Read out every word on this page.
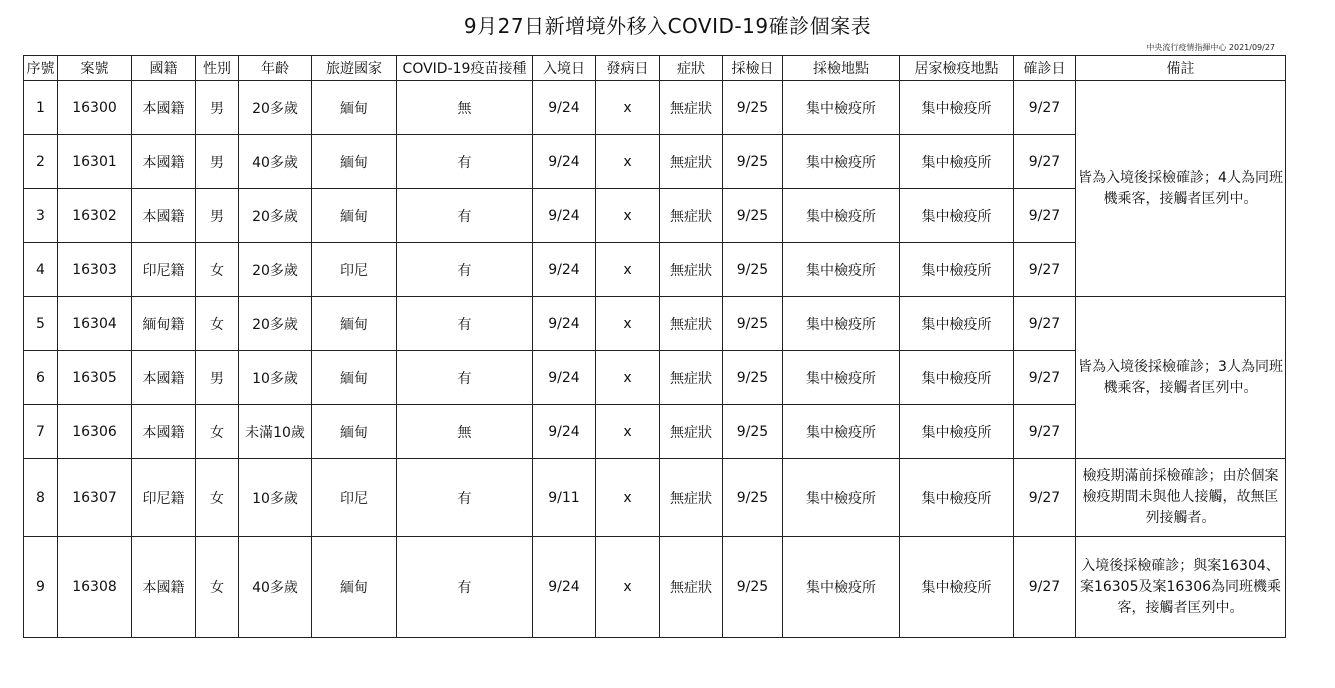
9月27日新增境外移入COVID-19確診個案表
中央流行疫情指揮中心 2021/09/27
序號	案號	國籍	性別	年齡	旅遊國家	COVID-19疫苗接種	入境日	發病日	症狀	採檢日	採檢地點	居家檢疫地點	確診日	備註
1	16300	本國籍	男	20多歲	緬甸	無	9/24	x	無症狀	9/25	集中檢疫所	集中檢疫所	9/27	皆為入境後採檢確診；4人為同班機乘客，接觸者匡列中。
2	16301	本國籍	男	40多歲	緬甸	有	9/24	x	無症狀	9/25	集中檢疫所	集中檢疫所	9/27	
3	16302	本國籍	男	20多歲	緬甸	有	9/24	x	無症狀	9/25	集中檢疫所	集中檢疫所	9/27	
4	16303	印尼籍	女	20多歲	印尼	有	9/24	x	無症狀	9/25	集中檢疫所	集中檢疫所	9/27	
5	16304	緬甸籍	女	20多歲	緬甸	有	9/24	x	無症狀	9/25	集中檢疫所	集中檢疫所	9/27	皆為入境後採檢確診；3人為同班機乘客，接觸者匡列中。
6	16305	本國籍	男	10多歲	緬甸	有	9/24	x	無症狀	9/25	集中檢疫所	集中檢疫所	9/27	
7	16306	本國籍	女	未滿10歲	緬甸	無	9/24	x	無症狀	9/25	集中檢疫所	集中檢疫所	9/27	
8	16307	印尼籍	女	10多歲	印尼	有	9/11	x	無症狀	9/25	集中檢疫所	集中檢疫所	9/27	檢疫期滿前採檢確診；由於個案檢疫期間未與他人接觸，故無匡列接觸者。
9	16308	本國籍	女	40多歲	緬甸	有	9/24	x	無症狀	9/25	集中檢疫所	集中檢疫所	9/27	入境後採檢確診；與案16304、案16305及案16306為同班機乘客，接觸者匡列中。
